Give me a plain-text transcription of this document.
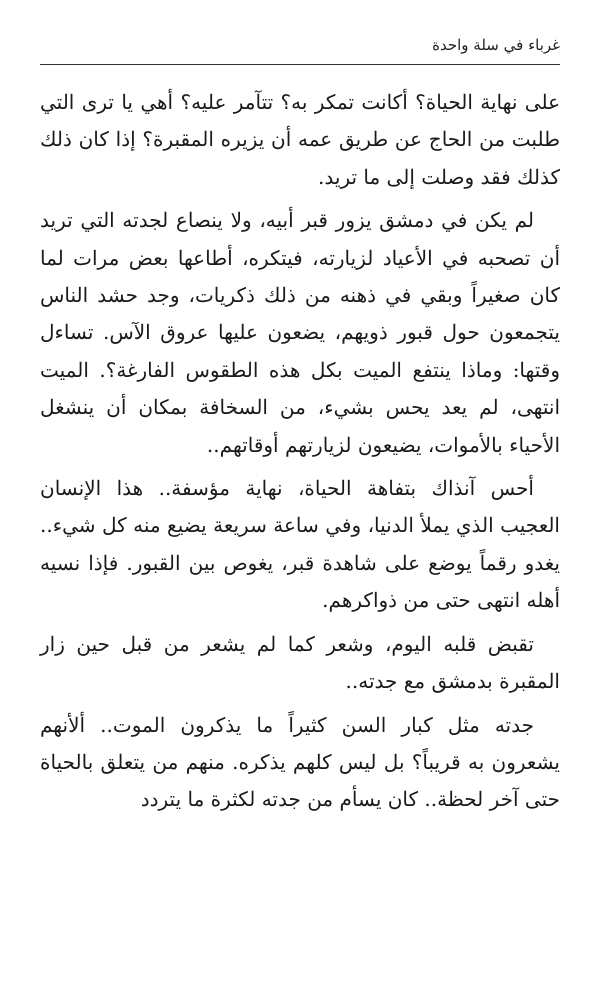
غرباء في سلة واحدة

على نهاية الحياة؟ أكانت تمكر به؟ تتآمر عليه؟ أهي يا ترى التي طلبت من الحاج عن طريق عمه أن يزيره المقبرة؟ إذا كان ذلك كذلك فقد وصلت إلى ما تريد.

لم يكن في دمشق يزور قبر أبيه، ولا ينصاع لجدته التي تريد أن تصحبه في الأعياد لزيارته، فيتكره، أطاعها بعض مرات لما كان صغيراً وبقي في ذهنه من ذلك ذكريات، وجد حشد الناس يتجمعون حول قبور ذويهم، يضعون عليها عروق الآس. تساءل وقتها: وماذا ينتفع الميت بكل هذه الطقوس الفارغة؟. الميت انتهى، لم يعد يحس بشيء، من السخافة بمكان أن ينشغل الأحياء بالأموات، يضيعون لزيارتهم أوقاتهم..

أحس آنذاك بتفاهة الحياة، نهاية مؤسفة.. هذا الإنسان العجيب الذي يملأ الدنيا، وفي ساعة سريعة يضيع منه كل شيء.. يغدو رقماً يوضع على شاهدة قبر، يغوص بين القبور. فإذا نسيه أهله انتهى حتى من ذواكرهم.

تقبض قلبه اليوم، وشعر كما لم يشعر من قبل حين زار المقبرة بدمشق مع جدته..

جدته مثل كبار السن كثيراً ما يذكرون الموت.. ألأنهم يشعرون به قريباً؟ بل ليس كلهم يذكره. منهم من يتعلق بالحياة حتى آخر لحظة.. كان يسأم من جدته لكثرة ما يتردد
